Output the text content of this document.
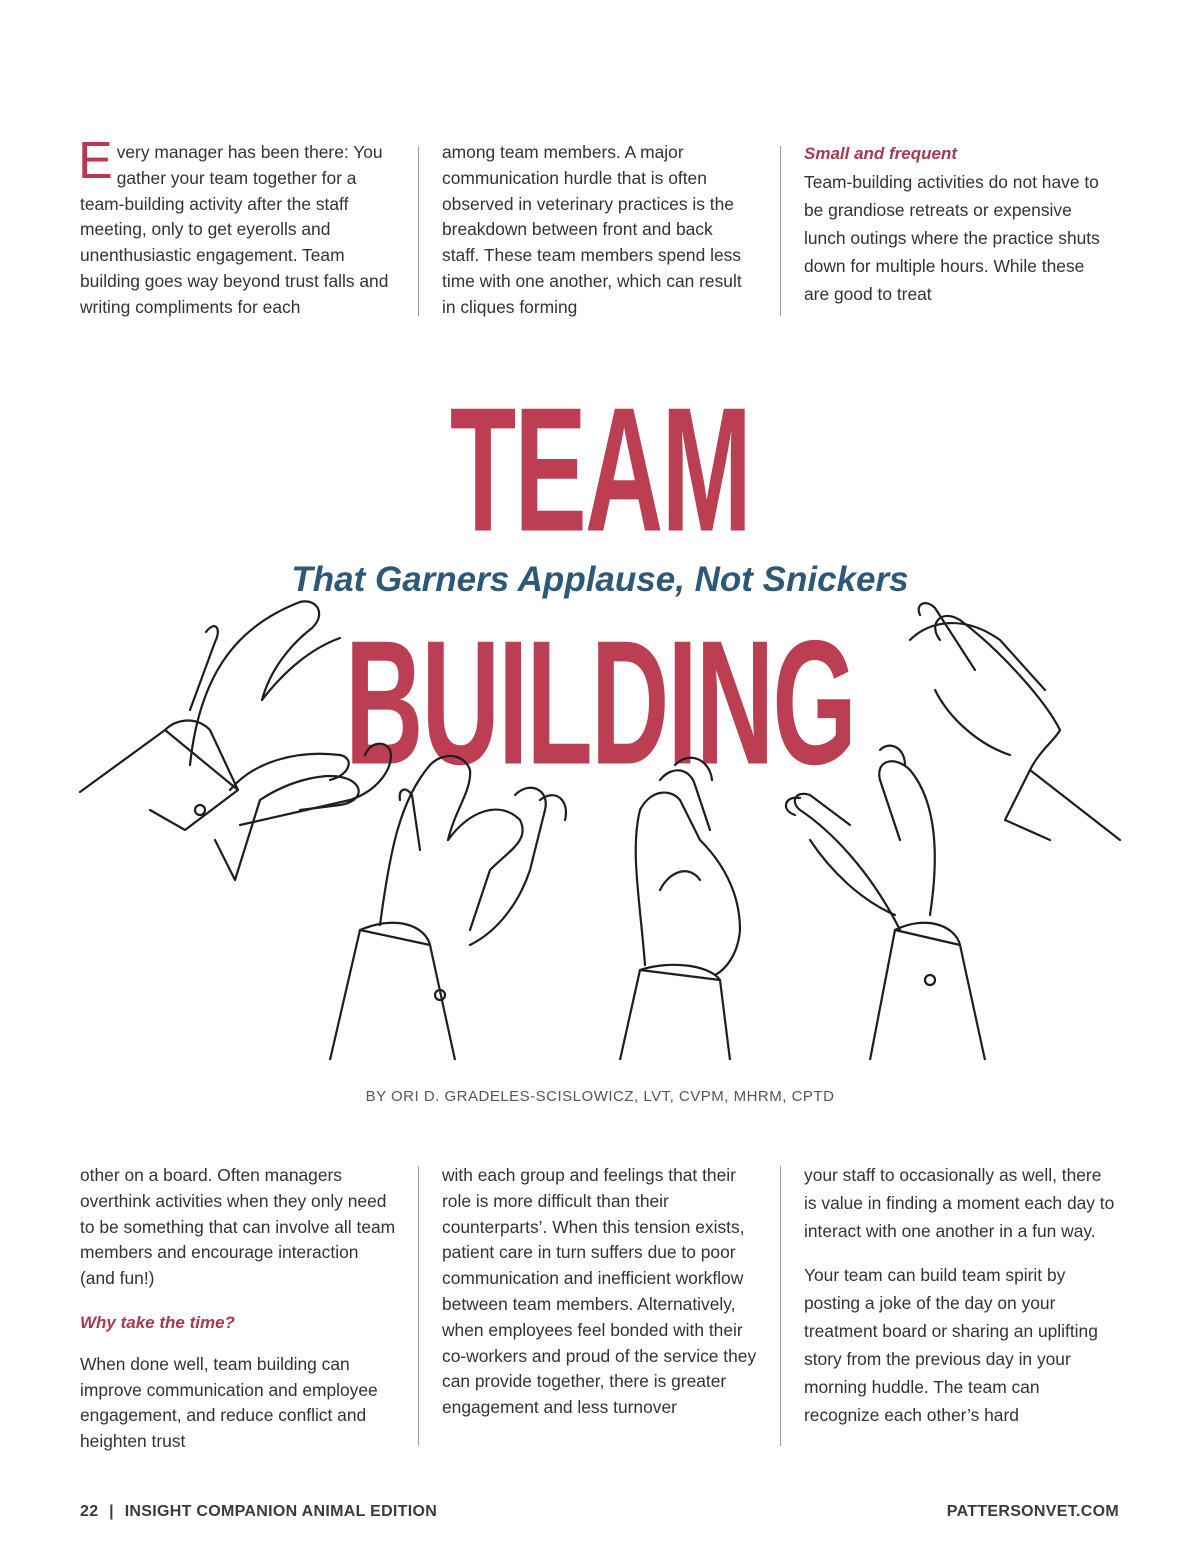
E very manager has been there: You gather your team together for a team-building activity after the staff meeting, only to get eyerolls and unenthusiastic engagement. Team building goes way beyond trust falls and writing compliments for each

among team members. A major communication hurdle that is often observed in veterinary practices is the breakdown between front and back staff. These team members spend less time with one another, which can result in cliques forming

Small and frequent

Team-building activities do not have to be grandiose retreats or expensive lunch outings where the practice shuts down for multiple hours. While these are good to treat

TEAM
BUILDING
That Garners Applause, Not Snickers
BY ORI D. GRADELES-SCISLOWICZ, LVT, CVPM, MHRM, CPTD

other on a board. Often managers overthink activities when they only need to be something that can involve all team members and encourage interaction (and fun!)

Why take the time?

When done well, team building can improve communication and employee engagement, and reduce conflict and heighten trust

with each group and feelings that their role is more difficult than their counterparts’. When this tension exists, patient care in turn suffers due to poor communication and inefficient workflow between team members. Alternatively, when employees feel bonded with their co-workers and proud of the service they can provide together, there is greater engagement and less turnover

your staff to occasionally as well, there is value in finding a moment each day to interact with one another in a fun way.

Your team can build team spirit by posting a joke of the day on your treatment board or sharing an uplifting story from the previous day in your morning huddle. The team can recognize each other’s hard

22 | INSIGHT COMPANION ANIMAL EDITION	PATTERSONVET.COM
